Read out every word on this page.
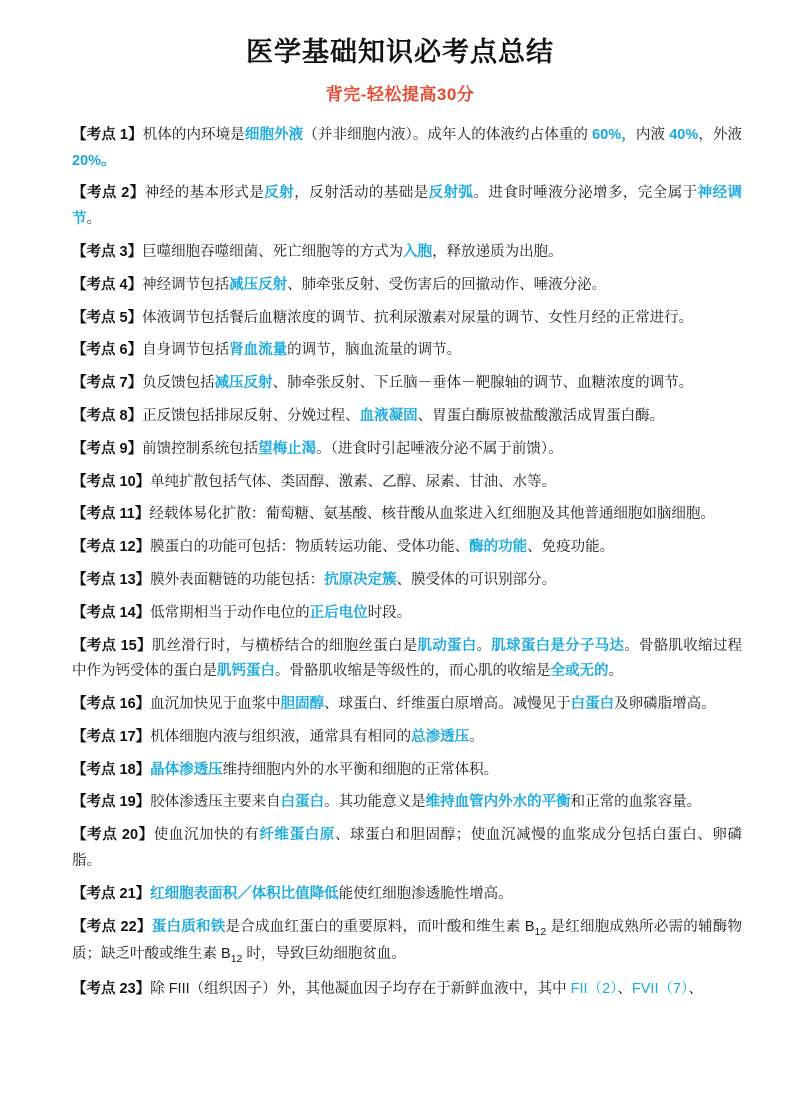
医学基础知识必考点总结
背完-轻松提高30分

【考点 1】机体的内环境是细胞外液（并非细胞内液）。成年人的体液约占体重的 60%，内液 40%，外液 20%。

【考点 2】神经的基本形式是反射，反射活动的基础是反射弧。进食时唾液分泌增多，完全属于神经调节。

【考点 3】巨噬细胞吞噬细菌、死亡细胞等的方式为入胞，释放递质为出胞。

【考点 4】神经调节包括减压反射、肺牵张反射、受伤害后的回撤动作、唾液分泌。

【考点 5】体液调节包括餐后血糖浓度的调节、抗利尿激素对尿量的调节、女性月经的正常进行。

【考点 6】自身调节包括肾血流量的调节，脑血流量的调节。

【考点 7】负反馈包括减压反射、肺牵张反射、下丘脑－垂体－靶腺轴的调节、血糖浓度的调节。

【考点 8】正反馈包括排尿反射、分娩过程、血液凝固、胃蛋白酶原被盐酸激活成胃蛋白酶。

【考点 9】前馈控制系统包括望梅止渴。（进食时引起唾液分泌不属于前馈）。

【考点 10】单纯扩散包括气体、类固醇、激素、乙醇、尿素、甘油、水等。

【考点 11】经载体易化扩散：葡萄糖、氨基酸、核苷酸从血浆进入红细胞及其他普通细胞如脑细胞。

【考点 12】膜蛋白的功能可包括：物质转运功能、受体功能、酶的功能、免疫功能。

【考点 13】膜外表面糖链的功能包括：抗原决定簇、膜受体的可识别部分。

【考点 14】低常期相当于动作电位的正后电位时段。

【考点 15】肌丝滑行时，与横桥结合的细胞丝蛋白是肌动蛋白。肌球蛋白是分子马达。骨骼肌收缩过程中作为钙受体的蛋白是肌钙蛋白。骨骼肌收缩是等级性的，而心肌的收缩是全或无的。

【考点 16】血沉加快见于血浆中胆固醇、球蛋白、纤维蛋白原增高。减慢见于白蛋白及卵磷脂增高。

【考点 17】机体细胞内液与组织液，通常具有相同的总渗透压。

【考点 18】晶体渗透压维持细胞内外的水平衡和细胞的正常体积。

【考点 19】胶体渗透压主要来自白蛋白。其功能意义是维持血管内外水的平衡和正常的血浆容量。

【考点 20】使血沉加快的有纤维蛋白原、球蛋白和胆固醇；使血沉减慢的血浆成分包括白蛋白、卵磷脂。

【考点 21】红细胞表面积／体积比值降低能使红细胞渗透脆性增高。

【考点 22】蛋白质和铁是合成血红蛋白的重要原料，而叶酸和维生素 $B_{12}$ 是红细胞成熟所必需的辅酶物质；缺乏叶酸或维生素 $B_{12}$ 时，导致巨幼细胞贫血。

【考点 23】除 FIII（组织因子）外，其他凝血因子均存在于新鲜血液中，其中 FII（2）、FVII（7）、
